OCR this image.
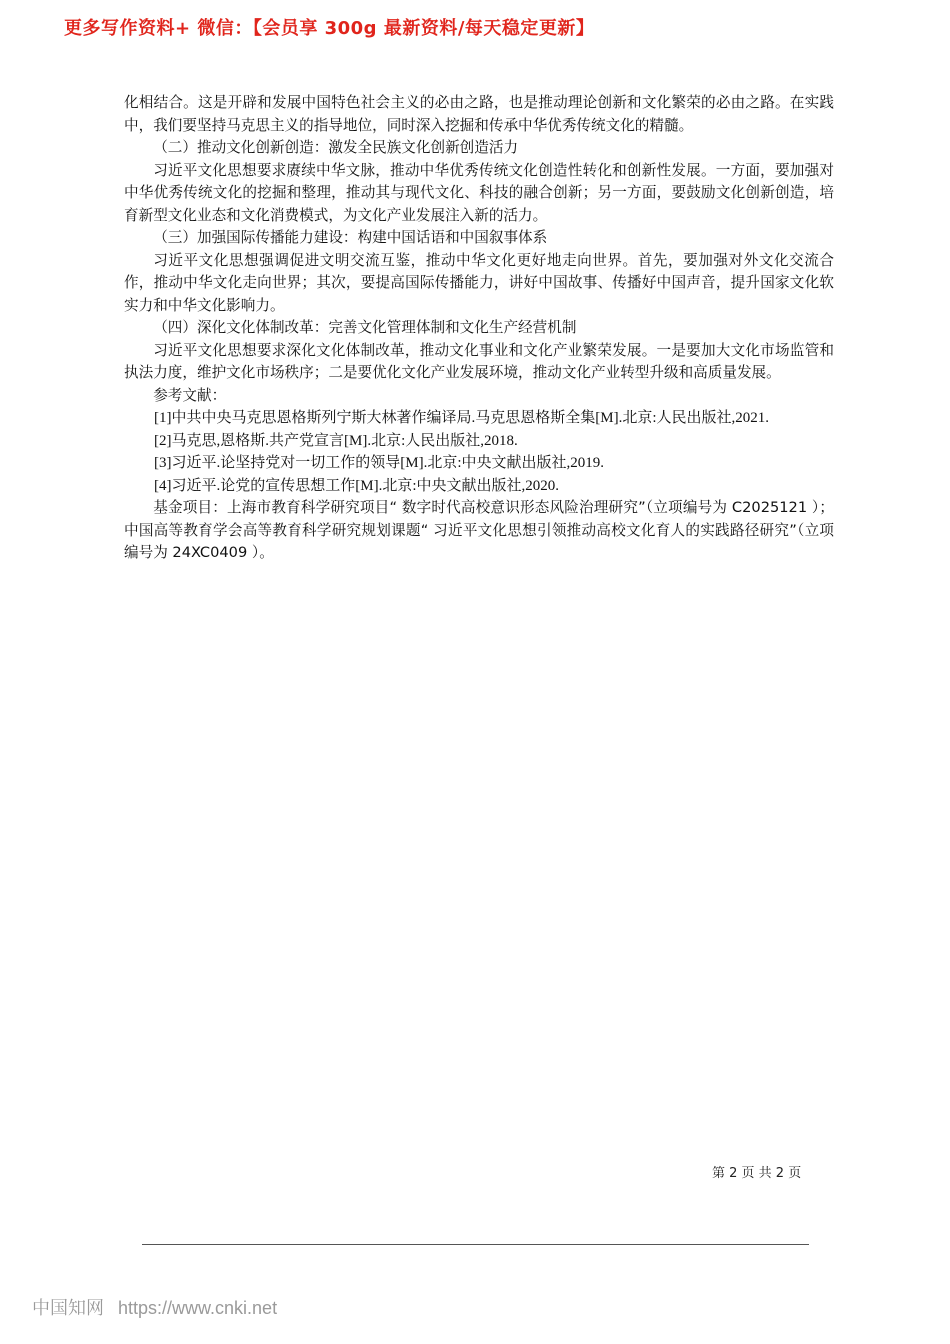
更多写作资料+ 微信：【会员享 300g 最新资料/每天稳定更新】

化相结合。这是开辟和发展中国特色社会主义的必由之路，也是推动理论创新和文化繁荣的必由之路。在实践中，我们要坚持马克思主义的指导地位，同时深入挖掘和传承中华优秀传统文化的精髓。

（二）推动文化创新创造：激发全民族文化创新创造活力

习近平文化思想要求赓续中华文脉，推动中华优秀传统文化创造性转化和创新性发展。一方面，要加强对中华优秀传统文化的挖掘和整理，推动其与现代文化、科技的融合创新；另一方面，要鼓励文化创新创造，培育新型文化业态和文化消费模式，为文化产业发展注入新的活力。

（三）加强国际传播能力建设：构建中国话语和中国叙事体系

习近平文化思想强调促进文明交流互鉴，推动中华文化更好地走向世界。首先，要加强对外文化交流合作，推动中华文化走向世界；其次，要提高国际传播能力，讲好中国故事、传播好中国声音，提升国家文化软实力和中华文化影响力。

（四）深化文化体制改革：完善文化管理体制和文化生产经营机制

习近平文化思想要求深化文化体制改革，推动文化事业和文化产业繁荣发展。一是要加大文化市场监管和执法力度，维护文化市场秩序；二是要优化文化产业发展环境，推动文化产业转型升级和高质量发展。

参考文献：

[1]中共中央马克思恩格斯列宁斯大林著作编译局.马克思恩格斯全集[M].北京:人民出版社,2021.

[2]马克思,恩格斯.共产党宣言[M].北京:人民出版社,2018.

[3]习近平.论坚持党对一切工作的领导[M].北京:中央文献出版社,2019.

[4]习近平.论党的宣传思想工作[M].北京:中央文献出版社,2020.

基金项目：上海市教育科学研究项目“ 数字时代高校意识形态风险治理研究”（立项编号为 C2025121 ）；中国高等教育学会高等教育科学研究规划课题“ 习近平文化思想引领推动高校文化育人的实践路径研究”（立项编号为 24XC0409 ）。

第 2 页 共 2 页
中国知网 https://www.cnki.net
